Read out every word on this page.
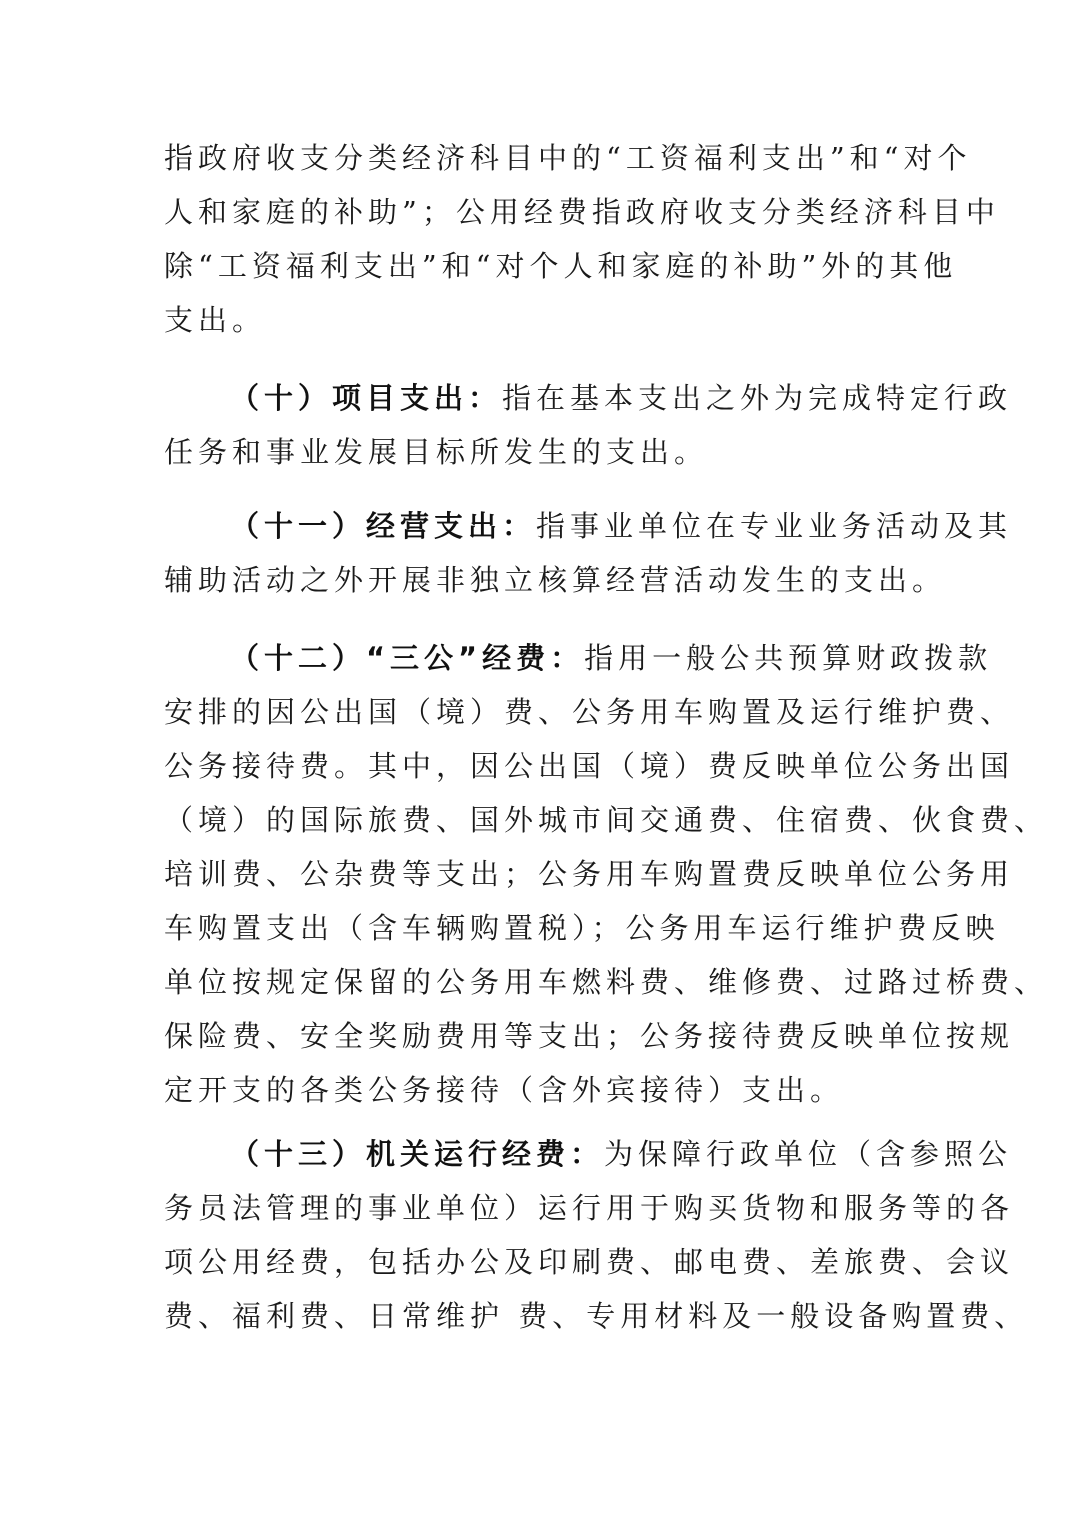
指政府收支分类经济科目中的“工资福利支出”和“对个
人和家庭的补助”；公用经费指政府收支分类经济科目中
除“工资福利支出”和“对个人和家庭的补助”外的其他
支出。
（十）项目支出：指在基本支出之外为完成特定行政
任务和事业发展目标所发生的支出。
（十一）经营支出：指事业单位在专业业务活动及其
辅助活动之外开展非独立核算经营活动发生的支出。
（十二）“三公”经费：指用一般公共预算财政拨款
安排的因公出国（境）费、公务用车购置及运行维护费、
公务接待费。其中，因公出国（境）费反映单位公务出国
（境）的国际旅费、国外城市间交通费、住宿费、伙食费、
培训费、公杂费等支出；公务用车购置费反映单位公务用
车购置支出（含车辆购置税）；公务用车运行维护费反映
单位按规定保留的公务用车燃料费、维修费、过路过桥费、
保险费、安全奖励费用等支出；公务接待费反映单位按规
定开支的各类公务接待（含外宾接待）支出。
（十三）机关运行经费：为保障行政单位（含参照公
务员法管理的事业单位）运行用于购买货物和服务等的各
项公用经费，包括办公及印刷费、邮电费、差旅费、会议
费、福利费、日常维护 费、专用材料及一般设备购置费、
